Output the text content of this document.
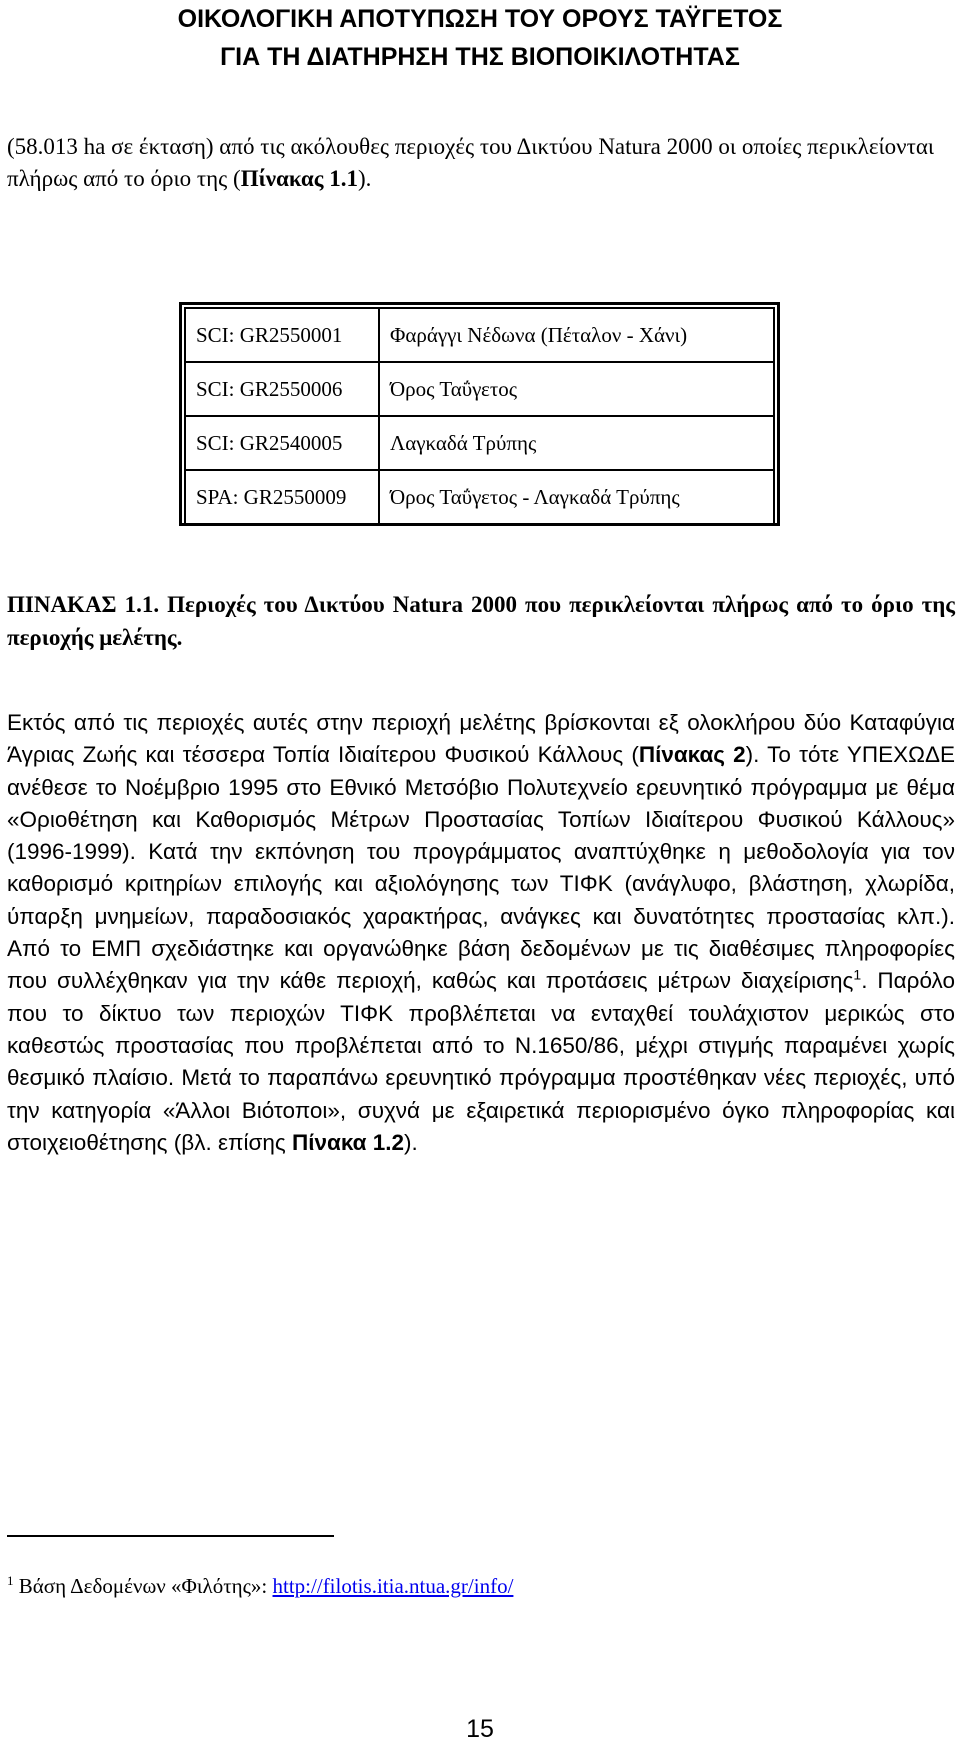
ΟΙΚΟΛΟΓΙΚΗ ΑΠΟΤΥΠΩΣΗ ΤΟΥ ΟΡΟΥΣ ΤΑΫΓΕΤΟΣ
ΓΙΑ ΤΗ ΔΙΑΤΗΡΗΣΗ ΤΗΣ ΒΙΟΠΟΙΚΙΛΟΤΗΤΑΣ
(58.013 ha σε έκταση) από τις ακόλουθες περιοχές του Δικτύου Natura 2000 οι οποίες περικλείονται πλήρως από το όριο της (Πίνακας 1.1).
SCI: GR2550001	Φαράγγι Νέδωνα (Πέταλον - Χάνι)
SCI: GR2550006	Όρος Ταΰγετος
SCI: GR2540005	Λαγκαδά Τρύπης
SPA: GR2550009	Όρος Ταΰγετος - Λαγκαδά Τρύπης
ΠΙΝΑΚΑΣ 1.1. Περιοχές του Δικτύου Natura 2000 που περικλείονται πλήρως από το όριο της περιοχής μελέτης.
Εκτός από τις περιοχές αυτές στην περιοχή μελέτης βρίσκονται εξ ολοκλήρου δύο Καταφύγια Άγριας Ζωής και τέσσερα Τοπία Ιδιαίτερου Φυσικού Κάλλους (Πίνακας 2). Το τότε ΥΠΕΧΩΔΕ ανέθεσε το Νοέμβριο 1995 στο Εθνικό Μετσόβιο Πολυτεχνείο ερευνητικό πρόγραμμα με θέμα «Οριοθέτηση και Καθορισμός Μέτρων Προστασίας Τοπίων Ιδιαίτερου Φυσικού Κάλλους» (1996-1999). Κατά την εκπόνηση του προγράμματος αναπτύχθηκε η μεθοδολογία για τον καθορισμό κριτηρίων επιλογής και αξιολόγησης των ΤΙΦΚ (ανάγλυφο, βλάστηση, χλωρίδα, ύπαρξη μνημείων, παραδοσιακός χαρακτήρας, ανάγκες και δυνατότητες προστασίας κλπ.). Από το ΕΜΠ σχεδιάστηκε και οργανώθηκε βάση δεδομένων με τις διαθέσιμες πληροφορίες που συλλέχθηκαν για την κάθε περιοχή, καθώς και προτάσεις μέτρων διαχείρισης$^1$. Παρόλο που το δίκτυο των περιοχών ΤΙΦΚ προβλέπεται να ενταχθεί τουλάχιστον μερικώς στο καθεστώς προστασίας που προβλέπεται από το Ν.1650/86, μέχρι στιγμής παραμένει χωρίς θεσμικό πλαίσιο. Μετά το παραπάνω ερευνητικό πρόγραμμα προστέθηκαν νέες περιοχές, υπό την κατηγορία «Άλλοι Βιότοποι», συχνά με εξαιρετικά περιορισμένο όγκο πληροφορίας και στοιχειοθέτησης (βλ. επίσης Πίνακα 1.2).
$^1$ Βάση Δεδομένων «Φιλότης»: http://filotis.itia.ntua.gr/info/
15
